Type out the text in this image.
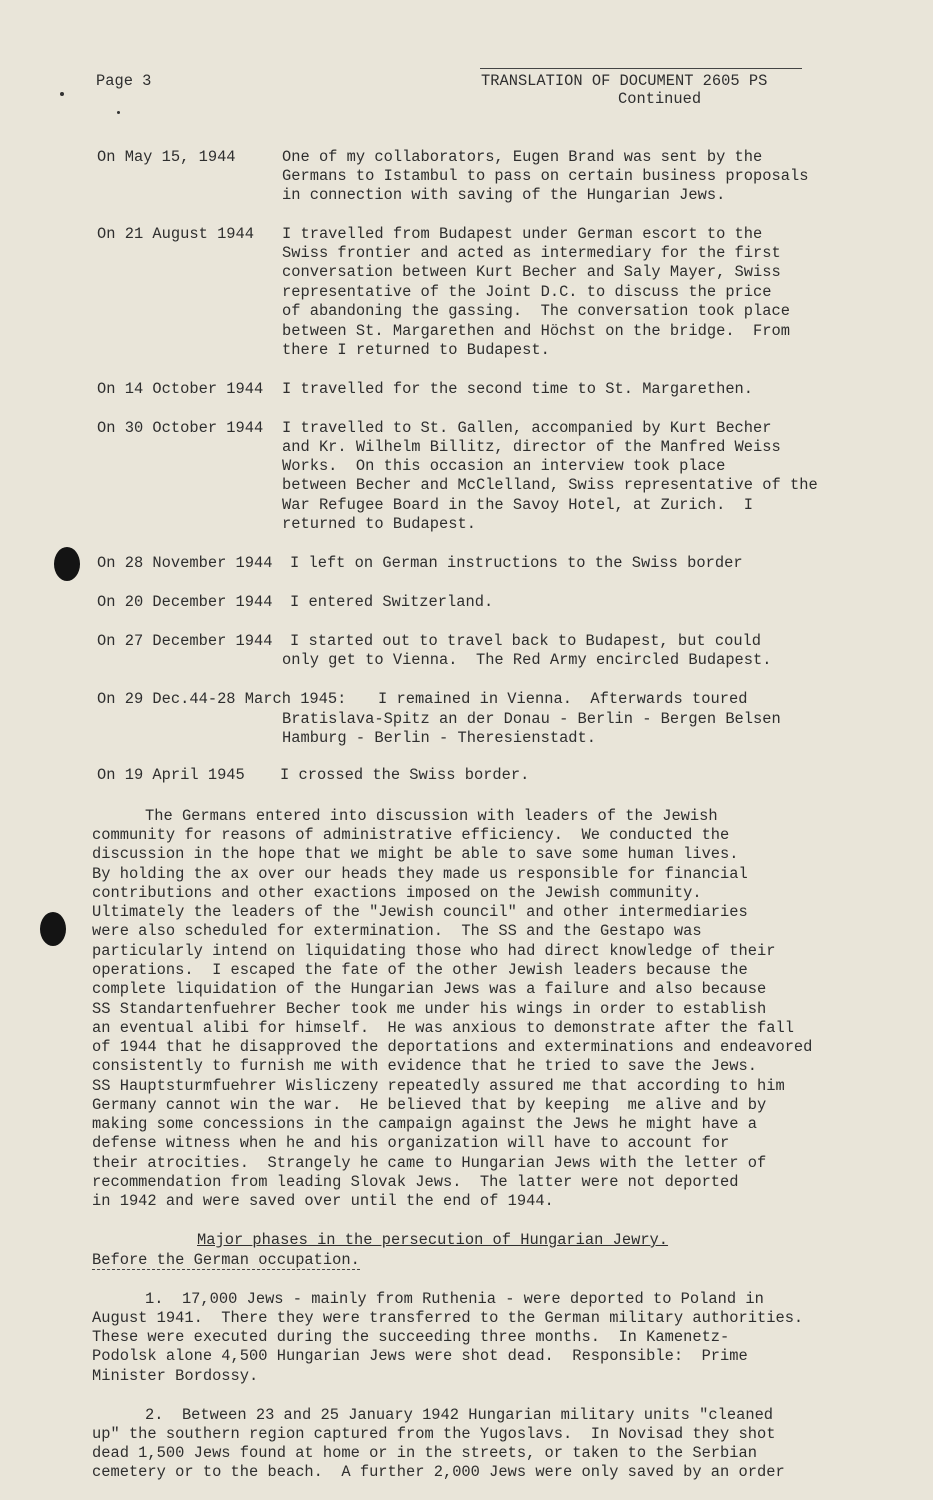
Page 3	TRANSLATION OF DOCUMENT 2605 PS
Continued
On May 15, 1944	One of my collaborators, Eugen Brand was sent by the
Germans to Istambul to pass on certain business proposals
in connection with saving of the Hungarian Jews.
On 21 August 1944 I travelled from Budapest under German escort to the
Swiss frontier and acted as intermediary for the first
conversation between Kurt Becher and Saly Mayer, Swiss
representative of the Joint D.C. to discuss the price
of abandoning the gassing.  The conversation took place
between St. Margarethen and Höchst on the bridge.  From
there I returned to Budapest.
On 14 October 1944 I travelled for the second time to St. Margarethen.
On 30 October 1944 I travelled to St. Gallen, accompanied by Kurt Becher
and Kr. Wilhelm Billitz, director of the Manfred Weiss
Works.  On this occasion an interview took place
between Becher and McClelland, Swiss representative of the
War Refugee Board in the Savoy Hotel, at Zurich.  I
returned to Budapest.
On 28 November 1944 I left on German instructions to the Swiss border
On 20 December 1944 I entered Switzerland.
On 27 December 1944 I started out to travel back to Budapest, but could
only get to Vienna.  The Red Army encircled Budapest.
On 29 Dec.44-28 March 1945: I remained in Vienna.  Afterwards toured
Bratislava-Spitz an der Donau - Berlin - Bergen Belsen
Hamburg - Berlin - Theresienstadt.
On 19 April 1945 I crossed the Swiss border.
The Germans entered into discussion with leaders of the Jewish
community for reasons of administrative efficiency.  We conducted the
discussion in the hope that we might be able to save some human lives.
By holding the ax over our heads they made us responsible for financial
contributions and other exactions imposed on the Jewish community.
Ultimately the leaders of the "Jewish council" and other intermediaries
were also scheduled for extermination.  The SS and the Gestapo was
particularly intend on liquidating those who had direct knowledge of their
operations.  I escaped the fate of the other Jewish leaders because the
complete liquidation of the Hungarian Jews was a failure and also because
SS Standartenfuehrer Becher took me under his wings in order to establish
an eventual alibi for himself.  He was anxious to demonstrate after the fall
of 1944 that he disapproved the deportations and exterminations and endeavored
consistently to furnish me with evidence that he tried to save the Jews.
SS Hauptsturmfuehrer Wisliczeny repeatedly assured me that according to him
Germany cannot win the war.  He believed that by keeping  me alive and by
making some concessions in the campaign against the Jews he might have a
defense witness when he and his organization will have to account for
their atrocities.  Strangely he came to Hungarian Jews with the letter of
recommendation from leading Slovak Jews.  The latter were not deported
in 1942 and were saved over until the end of 1944.
Major phases in the persecution of Hungarian Jewry.
Before the German occupation.
1.  17,000 Jews - mainly from Ruthenia - were deported to Poland in
August 1941.  There they were transferred to the German military authorities.
These were executed during the succeeding three months.  In Kamenetz-
Podolsk alone 4,500 Hungarian Jews were shot dead.  Responsible:  Prime
Minister Bordossy.
2.  Between 23 and 25 January 1942 Hungarian military units "cleaned
up" the southern region captured from the Yugoslavs.  In Novisad they shot
dead 1,500 Jews found at home or in the streets, or taken to the Serbian
cemetery or to the beach.  A further 2,000 Jews were only saved by an order
